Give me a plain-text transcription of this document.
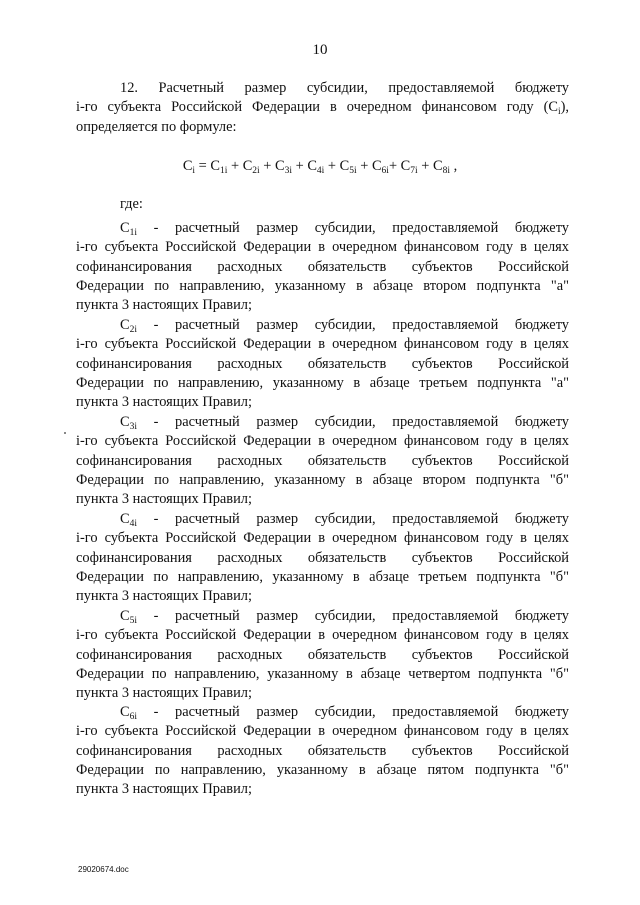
10
12. Расчетный размер субсидии, предоставляемой бюджету
i-го субъекта Российской Федерации в очередном финансовом году $(C_i)$,
определяется по формуле:
$C_i = C_{1i} + C_{2i} + C_{3i} + C_{4i} + C_{5i} + C_{6i}+ C_{7i} + C_{8i}$ ,
где:
$C_{1i}$ - расчетный размер субсидии, предоставляемой бюджету
i-го субъекта Российской Федерации в очередном финансовом году в целях
софинансирования расходных обязательств субъектов Российской
Федерации по направлению, указанному в абзаце втором подпункта "а"
пункта 3 настоящих Правил;
$C_{2i}$ - расчетный размер субсидии, предоставляемой бюджету
i-го субъекта Российской Федерации в очередном финансовом году в целях
софинансирования расходных обязательств субъектов Российской
Федерации по направлению, указанному в абзаце третьем подпункта "а"
пункта 3 настоящих Правил;
$C_{3i}$ - расчетный размер субсидии, предоставляемой бюджету
i-го субъекта Российской Федерации в очередном финансовом году в целях
софинансирования расходных обязательств субъектов Российской
Федерации по направлению, указанному в абзаце втором подпункта "б"
пункта 3 настоящих Правил;
$C_{4i}$ - расчетный размер субсидии, предоставляемой бюджету
i-го субъекта Российской Федерации в очередном финансовом году в целях
софинансирования расходных обязательств субъектов Российской
Федерации по направлению, указанному в абзаце третьем подпункта "б"
пункта 3 настоящих Правил;
$C_{5i}$ - расчетный размер субсидии, предоставляемой бюджету
i-го субъекта Российской Федерации в очередном финансовом году в целях
софинансирования расходных обязательств субъектов Российской
Федерации по направлению, указанному в абзаце четвертом подпункта "б"
пункта 3 настоящих Правил;
$C_{6i}$ - расчетный размер субсидии, предоставляемой бюджету
i-го субъекта Российской Федерации в очередном финансовом году в целях
софинансирования расходных обязательств субъектов Российской
Федерации по направлению, указанному в абзаце пятом подпункта "б"
пункта 3 настоящих Правил;
29020674.doc
